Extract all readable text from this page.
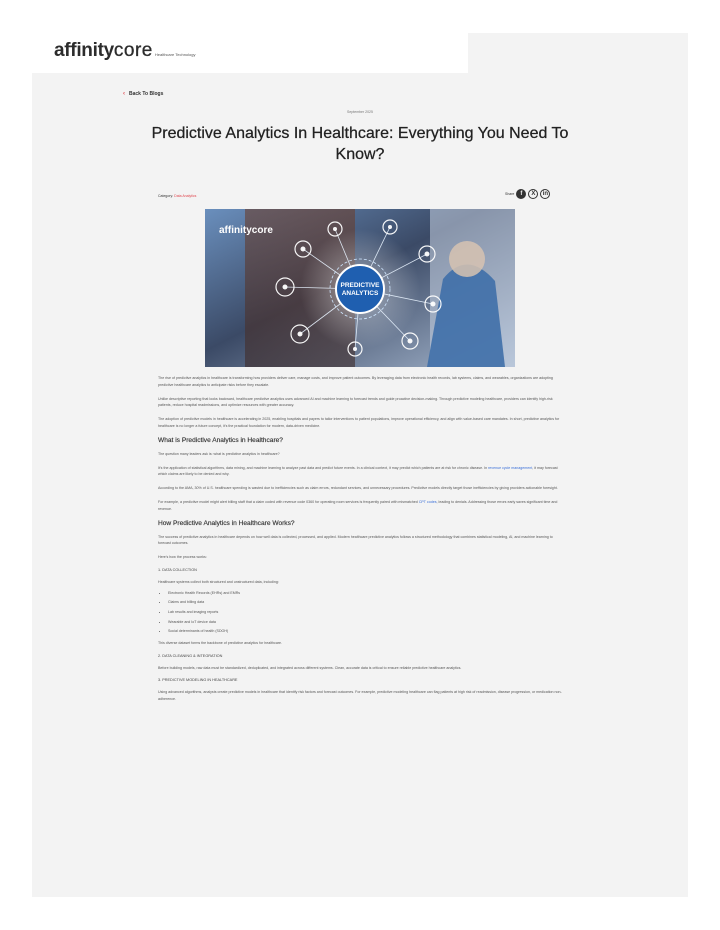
affinity core Healthcare Technology
‹ Back To Blogs
September 2025
Predictive Analytics In Healthcare: Everything You Need To Know?
Category: Data Analytics	Share	f	X	in
PREDICTIVE
ANALYTICS
affinitycore

The rise of predictive analytics in healthcare is transforming how providers deliver care, manage costs, and improve patient outcomes. By leveraging data from electronic health records, lab systems, claims, and wearables, organizations are adopting predictive healthcare analytics to anticipate risks before they escalate.

Unlike descriptive reporting that looks backward, healthcare predictive analytics uses advanced AI and machine learning to forecast trends and guide proactive decision-making. Through predictive modeling healthcare, providers can identify high-risk patients, reduce hospital readmissions, and optimize resources with greater accuracy.

The adoption of predictive models in healthcare is accelerating in 2025, enabling hospitals and payers to tailor interventions to patient populations, improve operational efficiency, and align with value-based care mandates. In short, predictive analytics for healthcare is no longer a future concept, it's the practical foundation for modern, data-driven medicine.

What is Predictive Analytics in Healthcare?

The question many leaders ask is: what is predictive analytics in healthcare?

It's the application of statistical algorithms, data mining, and machine learning to analyze past data and predict future events. In a clinical context, it may predict which patients are at risk for chronic disease. In revenue cycle management, it may forecast which claims are likely to be denied and why.

According to the AMA, 30% of U.S. healthcare spending is wasted due to inefficiencies such as claim errors, redundant services, and unnecessary procedures. Predictive models directly target those inefficiencies by giving providers actionable foresight.

For example, a predictive model might alert billing staff that a claim coded with revenue code 0360 for operating room services is frequently paired with mismatched CPT codes, leading to denials. Addressing those errors early saves significant time and revenue.

How Predictive Analytics in Healthcare Works?

The success of predictive analytics in healthcare depends on how well data is collected, processed, and applied. Modern healthcare predictive analytics follows a structured methodology that combines statistical modeling, AI, and machine learning to forecast outcomes.

Here's how the process works:

1. DATA COLLECTION

Healthcare systems collect both structured and unstructured data, including:

• Electronic Health Records (EHRs) and EMRs
• Claims and billing data
• Lab results and imaging reports
• Wearable and IoT device data
• Social determinants of health (SDOH)

This diverse dataset forms the backbone of predictive analytics for healthcare.

2. DATA CLEANING & INTEGRATION

Before building models, raw data must be standardized, deduplicated, and integrated across different systems. Clean, accurate data is critical to ensure reliable predictive healthcare analytics.

3. PREDICTIVE MODELING IN HEALTHCARE

Using advanced algorithms, analysts create predictive models in healthcare that identify risk factors and forecast outcomes. For example, predictive modeling healthcare can flag patients at high risk of readmission, disease progression, or medication non-adherence.
